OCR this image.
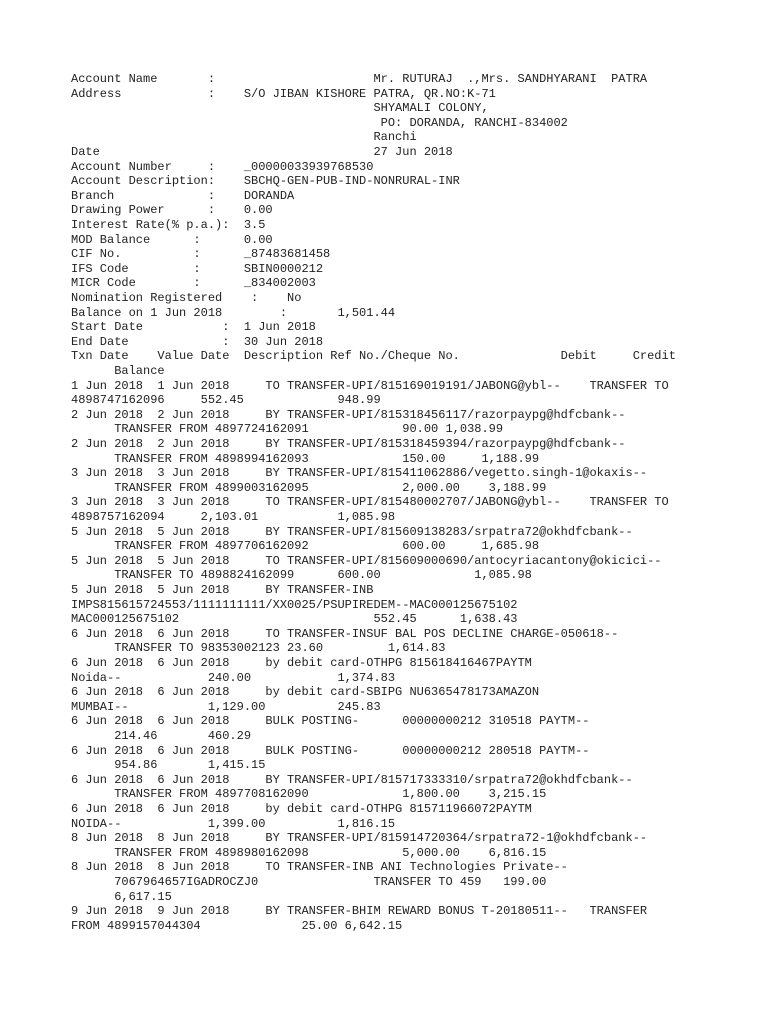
Account Name       :                      Mr. RUTURAJ  .,Mrs. SANDHYARANI  PATRA
Address            :    S/O JIBAN KISHORE PATRA, QR.NO:K-71
SHYAMALI COLONY,
PO: DORANDA, RANCHI-834002
Ranchi
Date                                      27 Jun 2018
Account Number     :    _00000033939768530
Account Description:    SBCHQ-GEN-PUB-IND-NONRURAL-INR
Branch             :    DORANDA
Drawing Power      :    0.00
Interest Rate(% p.a.):  3.5
MOD Balance      :      0.00
CIF No.          :      _87483681458
IFS Code         :      SBIN0000212
MICR Code        :      _834002003
Nomination Registered    :    No
Balance on 1 Jun 2018        :       1,501.44
Start Date           :  1 Jun 2018
End Date             :  30 Jun 2018
Txn Date    Value Date  Description Ref No./Cheque No.              Debit     Credit
Balance
1 Jun 2018  1 Jun 2018     TO TRANSFER-UPI/815169019191/JABONG@ybl--    TRANSFER TO
4898747162096     552.45             948.99
2 Jun 2018  2 Jun 2018     BY TRANSFER-UPI/815318456117/razorpaypg@hdfcbank--
TRANSFER FROM 4897724162091             90.00 1,038.99
2 Jun 2018  2 Jun 2018     BY TRANSFER-UPI/815318459394/razorpaypg@hdfcbank--
TRANSFER FROM 4898994162093             150.00     1,188.99
3 Jun 2018  3 Jun 2018     BY TRANSFER-UPI/815411062886/vegetto.singh-1@okaxis--
TRANSFER FROM 4899003162095             2,000.00    3,188.99
3 Jun 2018  3 Jun 2018     TO TRANSFER-UPI/815480002707/JABONG@ybl--    TRANSFER TO
4898757162094     2,103.01           1,085.98
5 Jun 2018  5 Jun 2018     BY TRANSFER-UPI/815609138283/srpatra72@okhdfcbank--
TRANSFER FROM 4897706162092             600.00     1,685.98
5 Jun 2018  5 Jun 2018     TO TRANSFER-UPI/815609000690/antocyriacantony@okicici--
TRANSFER TO 4898824162099      600.00             1,085.98
5 Jun 2018  5 Jun 2018     BY TRANSFER-INB
IMPS815615724553/1111111111/XX0025/PSUPIREDEM--MAC000125675102
MAC000125675102                           552.45      1,638.43
6 Jun 2018  6 Jun 2018     TO TRANSFER-INSUF BAL POS DECLINE CHARGE-050618--
TRANSFER TO 98353002123 23.60         1,614.83
6 Jun 2018  6 Jun 2018     by debit card-OTHPG 815618416467PAYTM
Noida--            240.00            1,374.83
6 Jun 2018  6 Jun 2018     by debit card-SBIPG NU6365478173AMAZON
MUMBAI--           1,129.00          245.83
6 Jun 2018  6 Jun 2018     BULK POSTING-      00000000212 310518 PAYTM--
214.46       460.29
6 Jun 2018  6 Jun 2018     BULK POSTING-      00000000212 280518 PAYTM--
954.86       1,415.15
6 Jun 2018  6 Jun 2018     BY TRANSFER-UPI/815717333310/srpatra72@okhdfcbank--
TRANSFER FROM 4897708162090             1,800.00    3,215.15
6 Jun 2018  6 Jun 2018     by debit card-OTHPG 815711966072PAYTM
NOIDA--            1,399.00          1,816.15
8 Jun 2018  8 Jun 2018     BY TRANSFER-UPI/815914720364/srpatra72-1@okhdfcbank--
TRANSFER FROM 4898980162098             5,000.00    6,816.15
8 Jun 2018  8 Jun 2018     TO TRANSFER-INB ANI Technologies Private--
7067964657IGADROCZJ0                TRANSFER TO 459   199.00
6,617.15
9 Jun 2018  9 Jun 2018     BY TRANSFER-BHIM REWARD BONUS T-20180511--   TRANSFER
FROM 4899157044304              25.00 6,642.15
